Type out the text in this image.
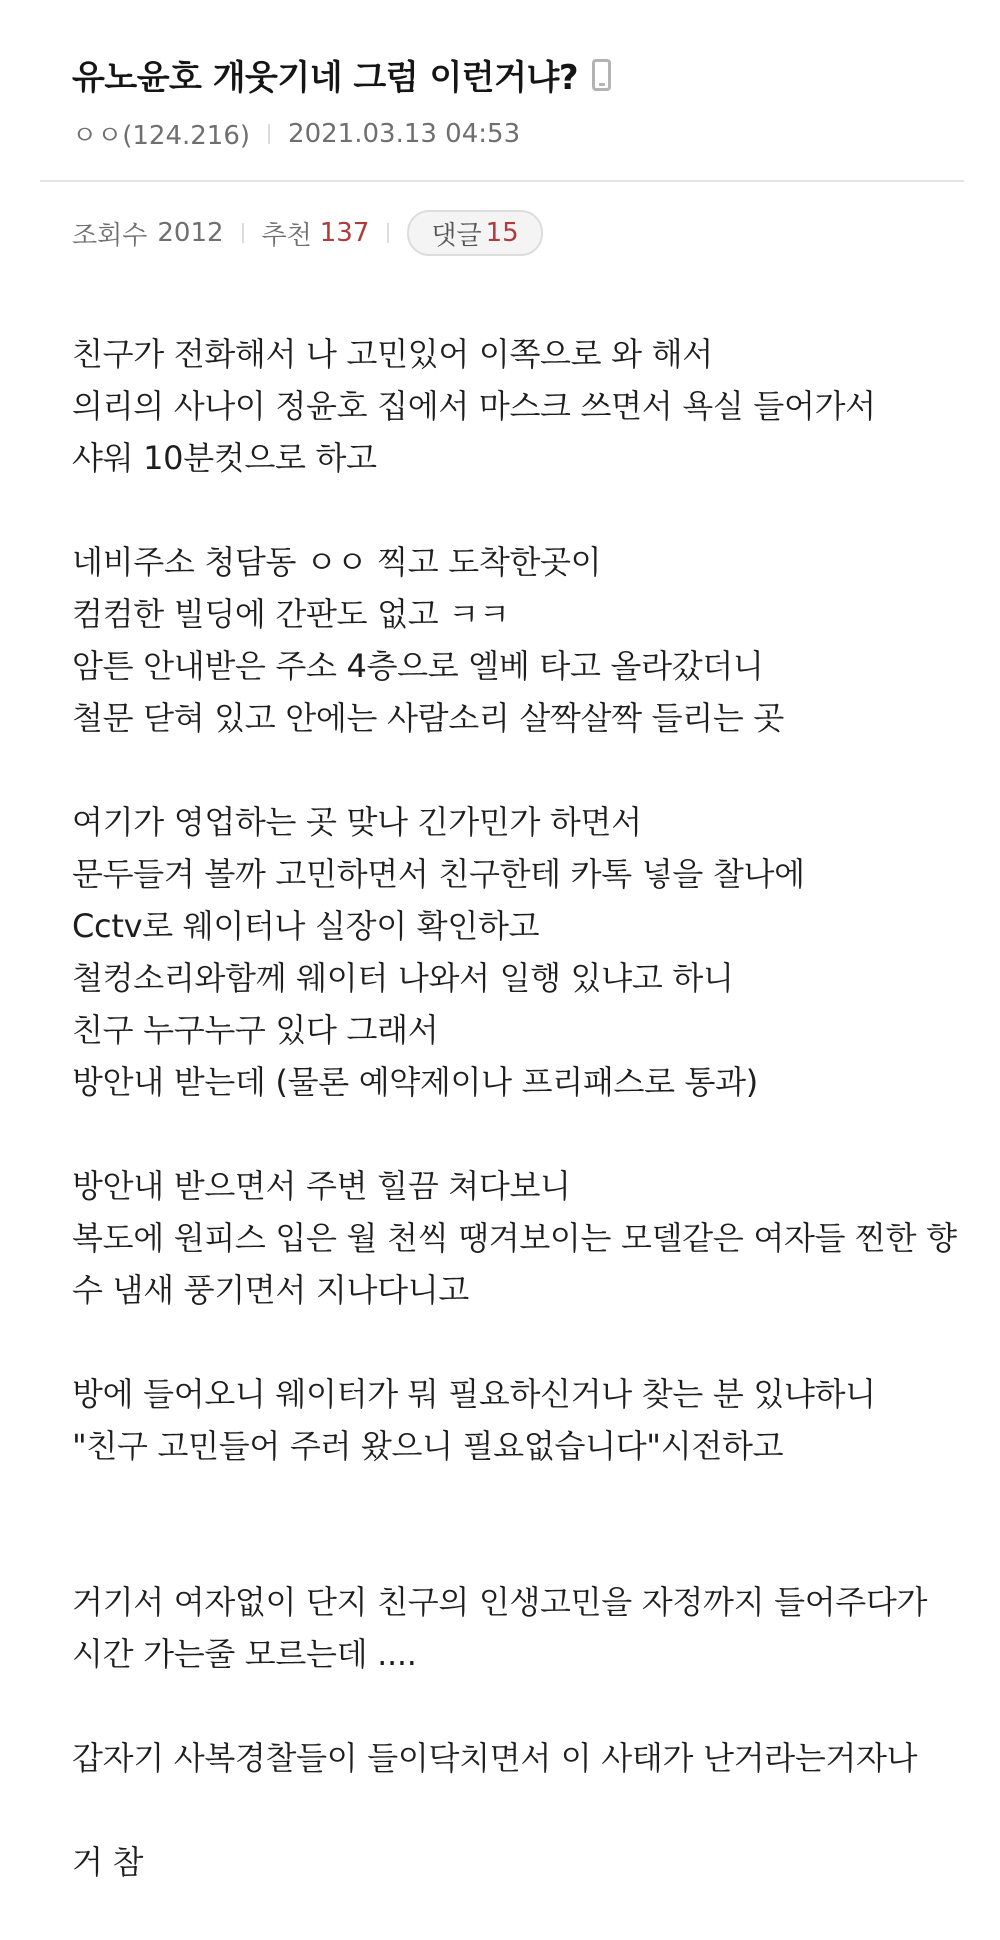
유노윤호 개웃기네 그럼 이런거냐?
ㅇㅇ(124.216) 2021.03.13 04:53
조회수 2012 추천 137 댓글 15
친구가 전화해서 나 고민있어 이쪽으로 와 해서
의리의 사나이 정윤호 집에서 마스크 쓰면서 욕실 들어가서
샤워 10분컷으로 하고
네비주소 청담동 ㅇㅇ 찍고 도착한곳이
컴컴한 빌딩에 간판도 없고 ㅋㅋ
암튼 안내받은 주소 4층으로 엘베 타고 올라갔더니
철문 닫혀 있고 안에는 사람소리 살짝살짝 들리는 곳
여기가 영업하는 곳 맞나 긴가민가 하면서
문두들겨 볼까 고민하면서 친구한테 카톡 넣을 찰나에
Cctv로 웨이터나 실장이 확인하고
철컹소리와함께 웨이터 나와서 일행 있냐고 하니
친구 누구누구 있다 그래서
방안내 받는데 (물론 예약제이나 프리패스로 통과)
방안내 받으면서 주변 힐끔 쳐다보니
복도에 원피스 입은 월 천씩 땡겨보이는 모델같은 여자들 찐한 향
수 냄새 풍기면서 지나다니고
방에 들어오니 웨이터가 뭐 필요하신거나 찾는 분 있냐하니
"친구 고민들어 주러 왔으니 필요없습니다"시전하고
거기서 여자없이 단지 친구의 인생고민을 자정까지 들어주다가
시간 가는줄 모르는데 ....
갑자기 사복경찰들이 들이닥치면서 이 사태가 난거라는거자나
거 참
